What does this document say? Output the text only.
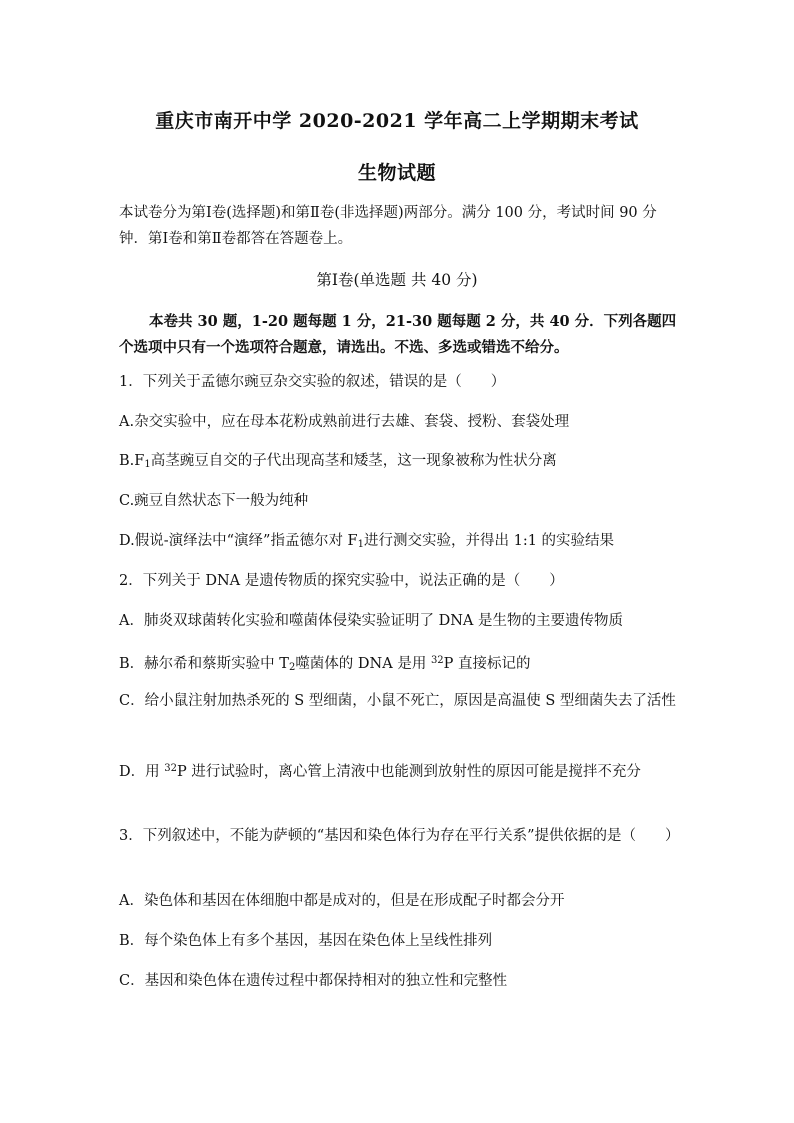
重庆市南开中学 2020-2021 学年高二上学期期末考试
生物试题
本试卷分为第Ⅰ卷(选择题)和第Ⅱ卷(非选择题)两部分。满分 100 分，考试时间 90 分钟．第Ⅰ卷和第Ⅱ卷都答在答题卷上。
第Ⅰ卷(单选题 共 40 分)
本卷共 30 题，1-20 题每题 1 分，21-30 题每题 2 分，共 40 分．下列各题四个选项中只有一个选项符合题意，请选出。不选、多选或错选不给分。
1．下列关于孟德尔豌豆杂交实验的叙述，错误的是（　　）
A.杂交实验中，应在母本花粉成熟前进行去雄、套袋、授粉、套袋处理
$B.F_1$高茎豌豆自交的子代出现高茎和矮茎，这一现象被称为性状分离
C.豌豆自然状态下一般为纯种
D.假说-演绎法中“演绎”指孟德尔对 $F_1$进行测交实验，并得出 1:1 的实验结果
2．下列关于 DNA 是遗传物质的探究实验中，说法正确的是（　　）
A．肺炎双球菌转化实验和噬菌体侵染实验证明了 DNA 是生物的主要遗传物质
B．赫尔希和蔡斯实验中 $T_2$噬菌体的 DNA 是用 $^{32}$P 直接标记的
C．给小鼠注射加热杀死的 S 型细菌，小鼠不死亡，原因是高温使 S 型细菌失去了活性
D．用 $^{32}$P 进行试验时，离心管上清液中也能测到放射性的原因可能是搅拌不充分
3．下列叙述中，不能为萨顿的“基因和染色体行为存在平行关系”提供依据的是（　　）
A．染色体和基因在体细胞中都是成对的，但是在形成配子时都会分开
B．每个染色体上有多个基因，基因在染色体上呈线性排列
C．基因和染色体在遗传过程中都保持相对的独立性和完整性
